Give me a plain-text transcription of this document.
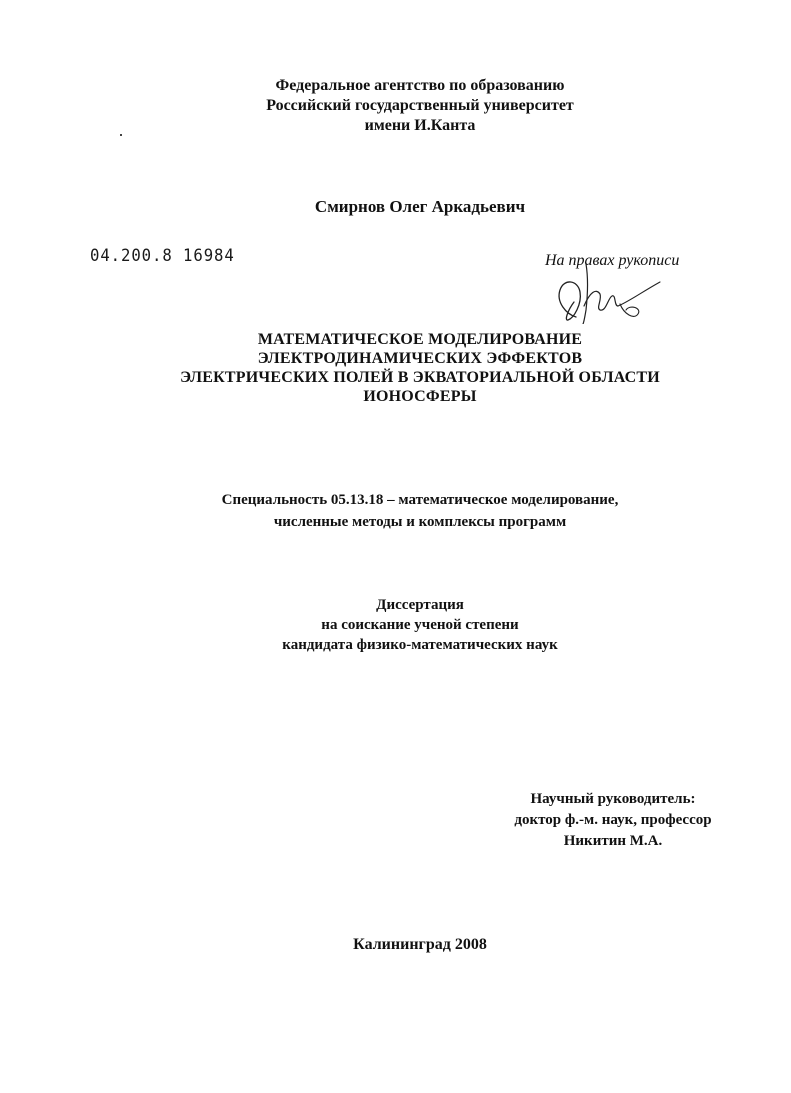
Федеральное агентство по образованию
Российский государственный университет
имени И.Канта
Смирнов Олег Аркадьевич
04.200.8 16984	На правах рукописи
МАТЕМАТИЧЕСКОЕ МОДЕЛИРОВАНИЕ
ЭЛЕКТРОДИНАМИЧЕСКИХ ЭФФЕКТОВ
ЭЛЕКТРИЧЕСКИХ ПОЛЕЙ В ЭКВАТОРИАЛЬНОЙ ОБЛАСТИ
ИОНОСФЕРЫ
Специальность 05.13.18 – математическое моделирование,
численные методы и комплексы программ
Диссертация
на соискание ученой степени
кандидата физико-математических наук
Научный руководитель:
доктор ф.-м. наук, профессор
Никитин М.А.
Калининград 2008
